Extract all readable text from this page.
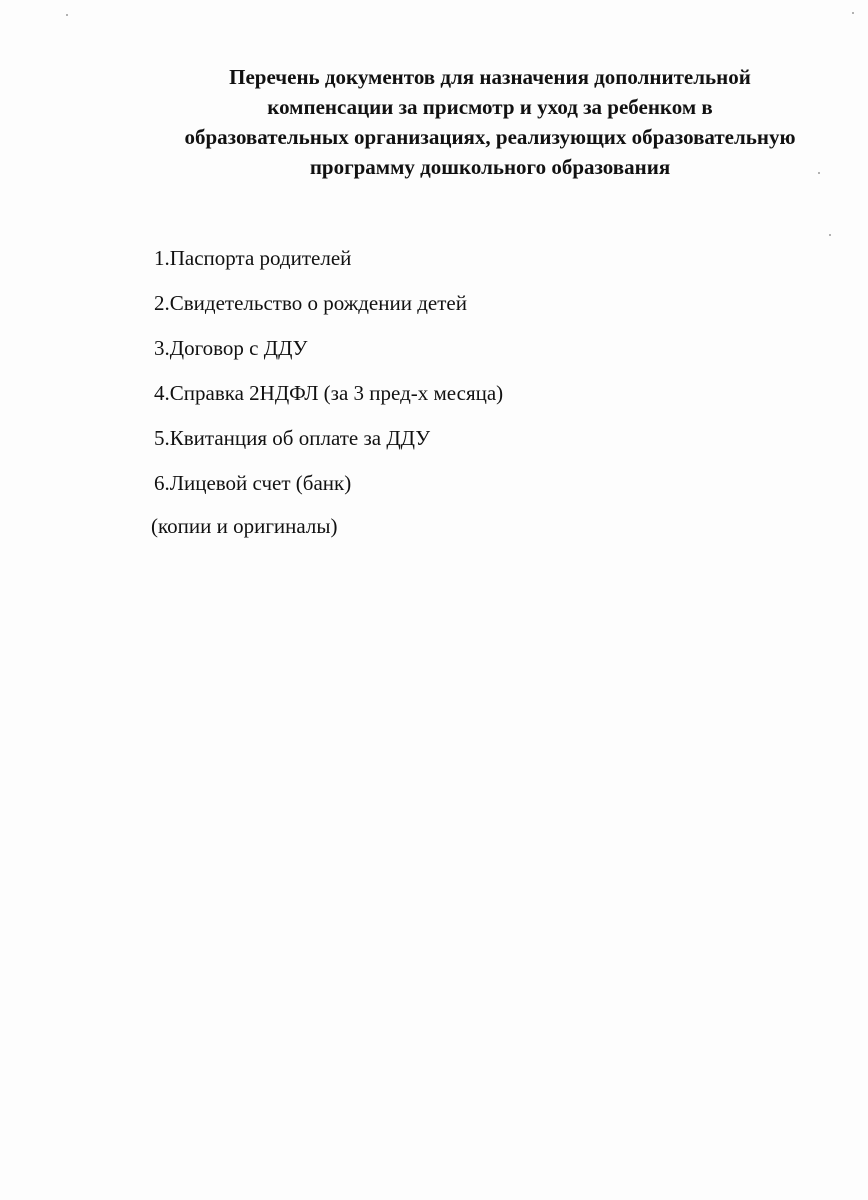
Перечень документов для назначения дополнительной
компенсации за присмотр и уход за ребенком в
образовательных организациях, реализующих образовательную
программу дошкольного образования
1.Паспорта родителей
2.Свидетельство о рождении детей
3.Договор с ДДУ
4.Справка 2НДФЛ (за 3 пред-х месяца)
5.Квитанция об оплате за ДДУ
6.Лицевой счет (банк)
(копии и оригиналы)
